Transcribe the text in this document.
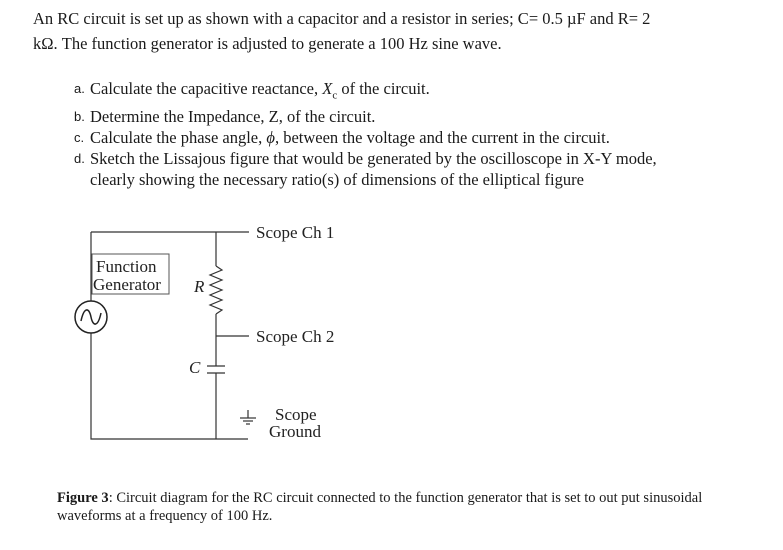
An RC circuit is set up as shown with a capacitor and a resistor in series; C= 0.5 µF and R= 2
kΩ. The function generator is adjusted to generate a 100 Hz sine wave.
a. Calculate the capacitive reactance, $X_c$ of the circuit.
b. Determine the Impedance, Z, of the circuit.
c. Calculate the phase angle, ϕ, between the voltage and the current in the circuit.
d. Sketch the Lissajous figure that would be generated by the oscilloscope in X-Y mode,
clearly showing the necessary ratio(s) of dimensions of the elliptical figure
Function
Generator R
C
Scope Ch 1
Scope Ch 2
Scope
Ground
Figure 3: Circuit diagram for the RC circuit connected to the function generator that is set to out put sinusoidal waveforms at a frequency of 100 Hz.
